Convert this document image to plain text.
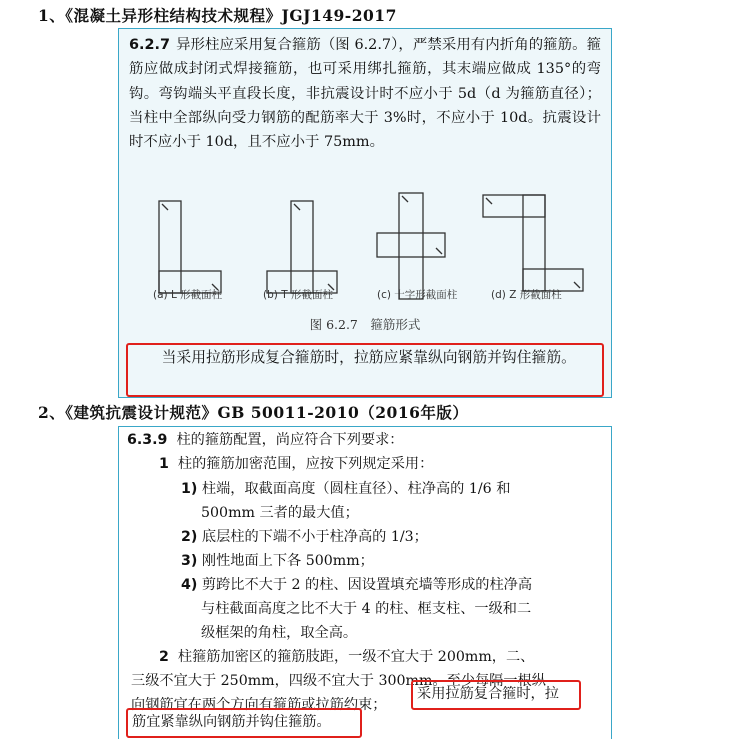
1、《混凝土异形柱结构技术规程》JGJ149-2017

6.2.7 异形柱应采用复合箍筋（图 6.2.7），严禁采用有内折角的箍筋。箍筋应做成封闭式焊接箍筋，也可采用绑扎箍筋，其末端应做成 135°的弯钩。弯钩端头平直段长度，非抗震设计时不应小于 5d（d 为箍筋直径）；当柱中全部纵向受力钢筋的配筋率大于 3%时，不应小于 10d。抗震设计时不应小于 10d，且不应小于 75mm。

(a) L 形截面柱	(b) T 形截面柱	(c) 十字形截面柱	(d) Z 形截面柱
图 6.2.7　箍筋形式

当采用拉筋形成复合箍筋时，拉筋应紧靠纵向钢筋并钩住箍筋。

2、《建筑抗震设计规范》GB 50011-2010（2016年版）

6.3.9 柱的箍筋配置，尚应符合下列要求：

1 柱的箍筋加密范围，应按下列规定采用：

1) 柱端，取截面高度（圆柱直径）、柱净高的 1/6 和

500mm 三者的最大值；

2) 底层柱的下端不小于柱净高的 1/3；

3) 刚性地面上下各 500mm；

4) 剪跨比不大于 2 的柱、因设置填充墙等形成的柱净高

与柱截面高度之比不大于 4 的柱、框支柱、一级和二

级框架的角柱，取全高。

2 柱箍筋加密区的箍筋肢距，一级不宜大于 200mm，二、

三级不宜大于 250mm，四级不宜大于 300mm。至少每隔一根纵

向钢筋宜在两个方向有箍筋或拉筋约束；

采用拉筋复合箍时，拉

筋宜紧靠纵向钢筋并钩住箍筋。
